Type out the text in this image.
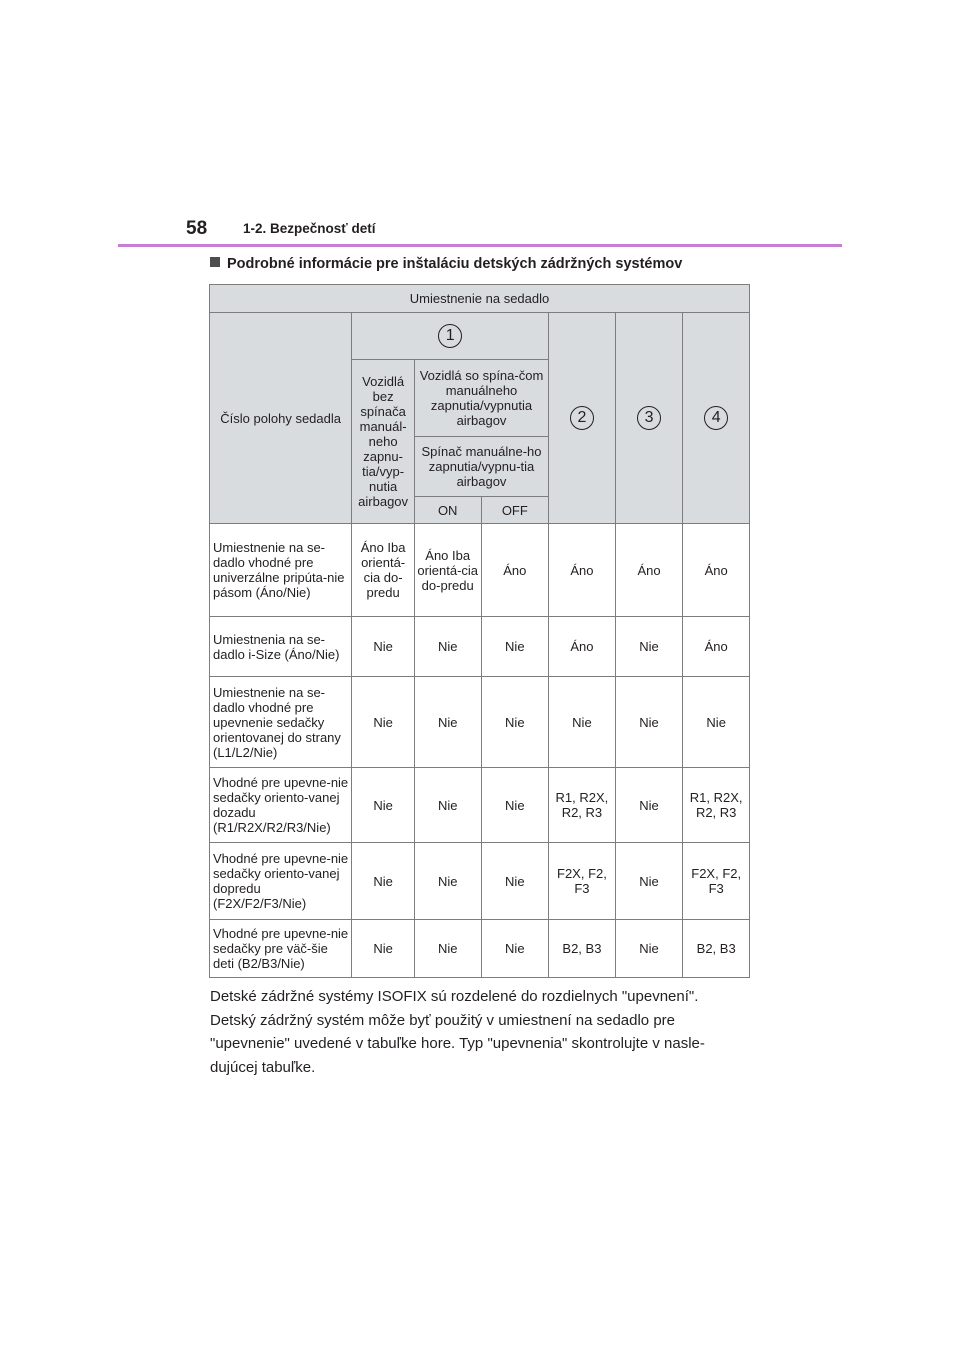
58	1-2. Bezpečnosť detí
Podrobné informácie pre inštaláciu detských zádržných systémov
Umiestnenie na sedadlo						
Číslo polohy sedadla	1			2	3	4
	Vozidlá bez spínača manuál-neho zapnu-tia/vyp-nutia airbagov	Vozidlá so spína-čom manuálneho zapnutia/vypnutia airbagov				
		Spínač manuálne-ho zapnutia/vypnu-tia airbagov				
		ON	OFF			
Umiestnenie na se-dadlo vhodné pre univerzálne pripúta-nie pásom (Áno/Nie)	Áno Iba orientá-cia do-predu	Áno Iba orientá-cia do-predu	Áno	Áno	Áno	Áno
Umiestnenia na se-dadlo i-Size (Áno/Nie)	Nie	Nie	Nie	Áno	Nie	Áno
Umiestnenie na se-dadlo vhodné pre upevnenie sedačky orientovanej do strany (L1/L2/Nie)	Nie	Nie	Nie	Nie	Nie	Nie
Vhodné pre upevne-nie sedačky oriento-vanej dozadu (R1/R2X/R2/R3/Nie)	Nie	Nie	Nie	R1, R2X, R2, R3	Nie	R1, R2X, R2, R3
Vhodné pre upevne-nie sedačky oriento-vanej dopredu (F2X/F2/F3/Nie)	Nie	Nie	Nie	F2X, F2, F3	Nie	F2X, F2, F3
Vhodné pre upevne-nie sedačky pre väč-šie deti (B2/B3/Nie)	Nie	Nie	Nie	B2, B3	Nie	B2, B3

Detské zádržné systémy ISOFIX sú rozdelené do rozdielnych "upevnení".

Detský zádržný systém môže byť použitý v umiestnení na sedadlo pre

"upevnenie" uvedené v tabuľke hore. Typ "upevnenia" skontrolujte v nasle-

dujúcej tabuľke.
